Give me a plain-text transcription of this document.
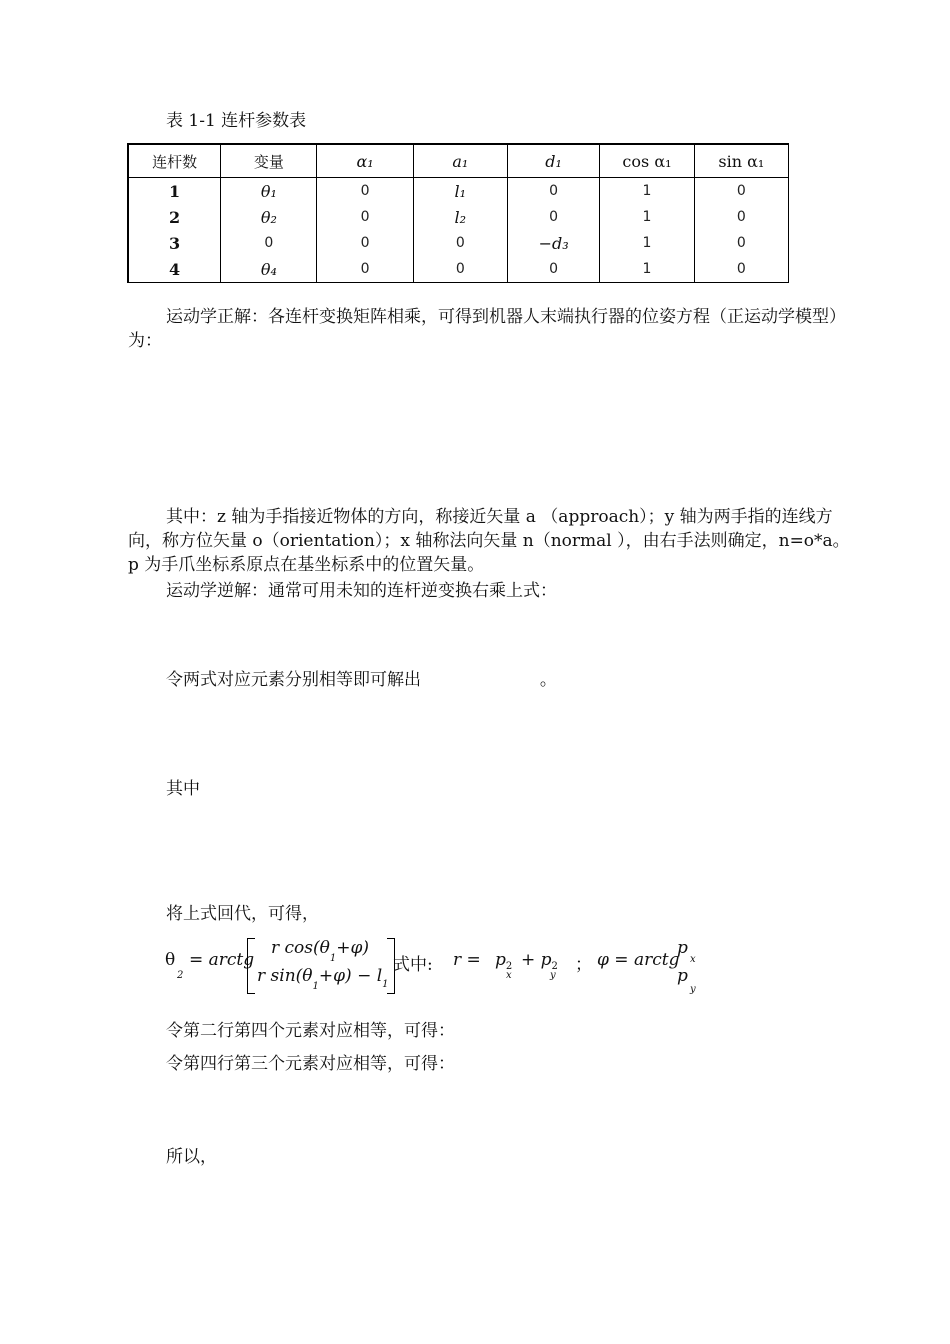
表 1-1 连杆参数表
连杆数	变量	α₁	a₁	d₁	cos α₁	sin α₁
1	θ₁	0	l₁	0	1	0
2	θ₂	0	l₂	0	1	0
3	0	0	0	−d₃	1	0
4	θ₄	0	0	0	1	0
运动学正解：各连杆变换矩阵相乘，可得到机器人末端执行器的位姿方程（正运动学模型）为：
其中：z 轴为手指接近物体的方向，称接近矢量 a （approach）；y 轴为两手指的连线方向，称方位矢量 o（orientation）；x 轴称法向矢量 n（normal ），由右手法则确定，n=o*a。p 为手爪坐标系原点在基坐标系中的位置矢量。
运动学逆解：通常可用未知的连杆逆变换右乘上式：
令两式对应元素分别相等即可解出	。
其中
将上式回代，可得，
θ
2
= arctg
r $\cos(\theta_1+\varphi)$
r $\sin(\theta_1+\varphi) - l_1$
式中: $r = p_2$
x
+ $p_2$
y
； φ = arctg
p
x
p
y
令第二行第四个元素对应相等，可得：
令第四行第三个元素对应相等，可得：
所以，
